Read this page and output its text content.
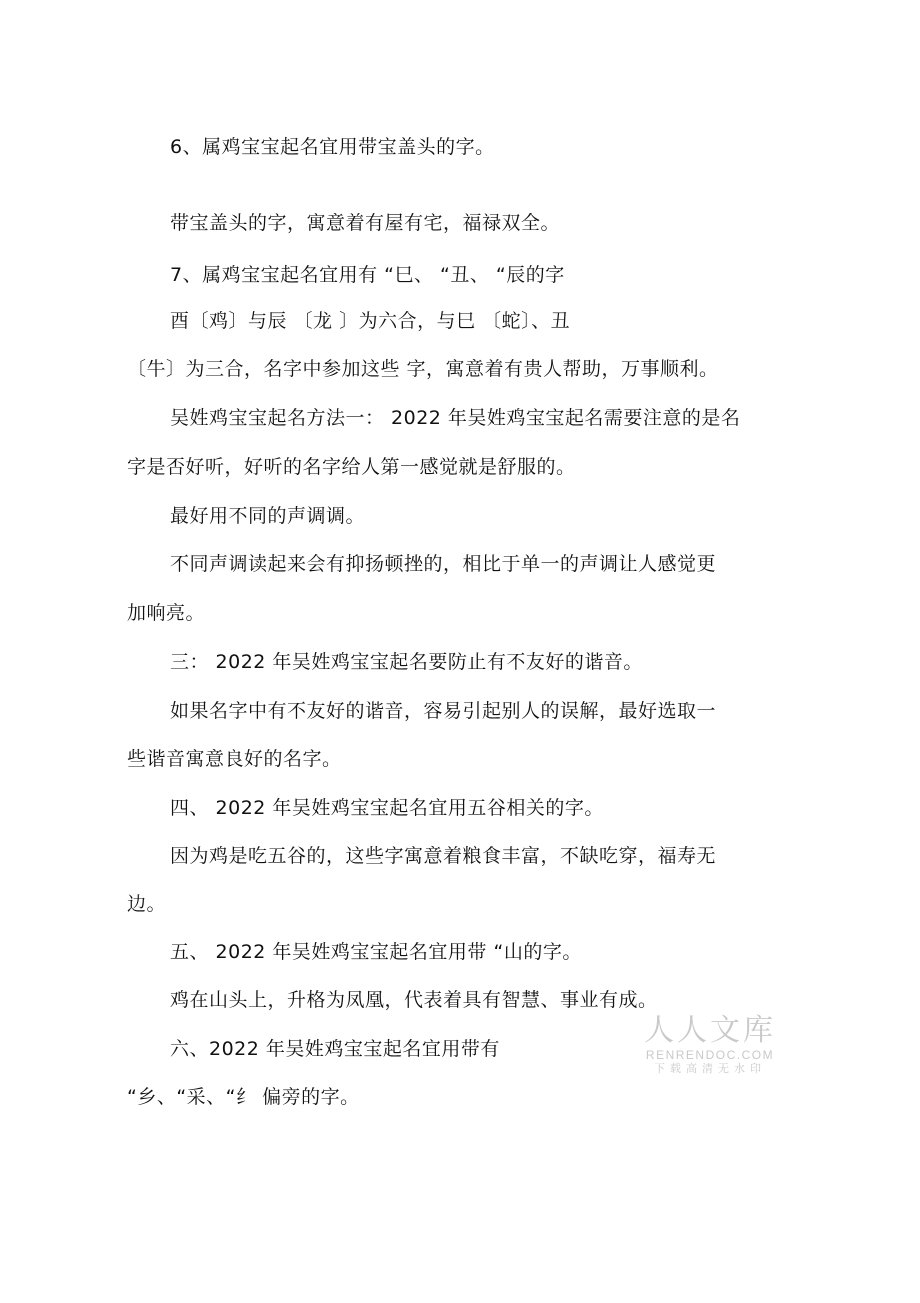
6、属鸡宝宝起名宜用带宝盖头的字。
带宝盖头的字，寓意着有屋有宅，福禄双全。
7、属鸡宝宝起名宜用有 “巳、 “丑、 “辰的字
酉〔鸡〕与辰 〔龙 〕为六合，与巳 〔蛇〕、丑
〔牛〕为三合，名字中参加这些 字，寓意着有贵人帮助，万事顺利。
吴姓鸡宝宝起名方法一： 2022 年吴姓鸡宝宝起名需要注意的是名
字是否好听，好听的名字给人第一感觉就是舒服的。
最好用不同的声调调。
不同声调读起来会有抑扬顿挫的，相比于单一的声调让人感觉更
加响亮。
三： 2022 年吴姓鸡宝宝起名要防止有不友好的谐音。
如果名字中有不友好的谐音，容易引起别人的误解，最好选取一
些谐音寓意良好的名字。
四、 2022 年吴姓鸡宝宝起名宜用五谷相关的字。
因为鸡是吃五谷的，这些字寓意着粮食丰富，不缺吃穿，福寿无
边。
五、 2022 年吴姓鸡宝宝起名宜用带 “山的字。
鸡在山头上，升格为凤凰，代表着具有智慧、事业有成。
六、2022 年吴姓鸡宝宝起名宜用带有
“乡、“采、“纟 偏旁的字。
人人文库
RENRENDOC.COM
下载高清无水印
